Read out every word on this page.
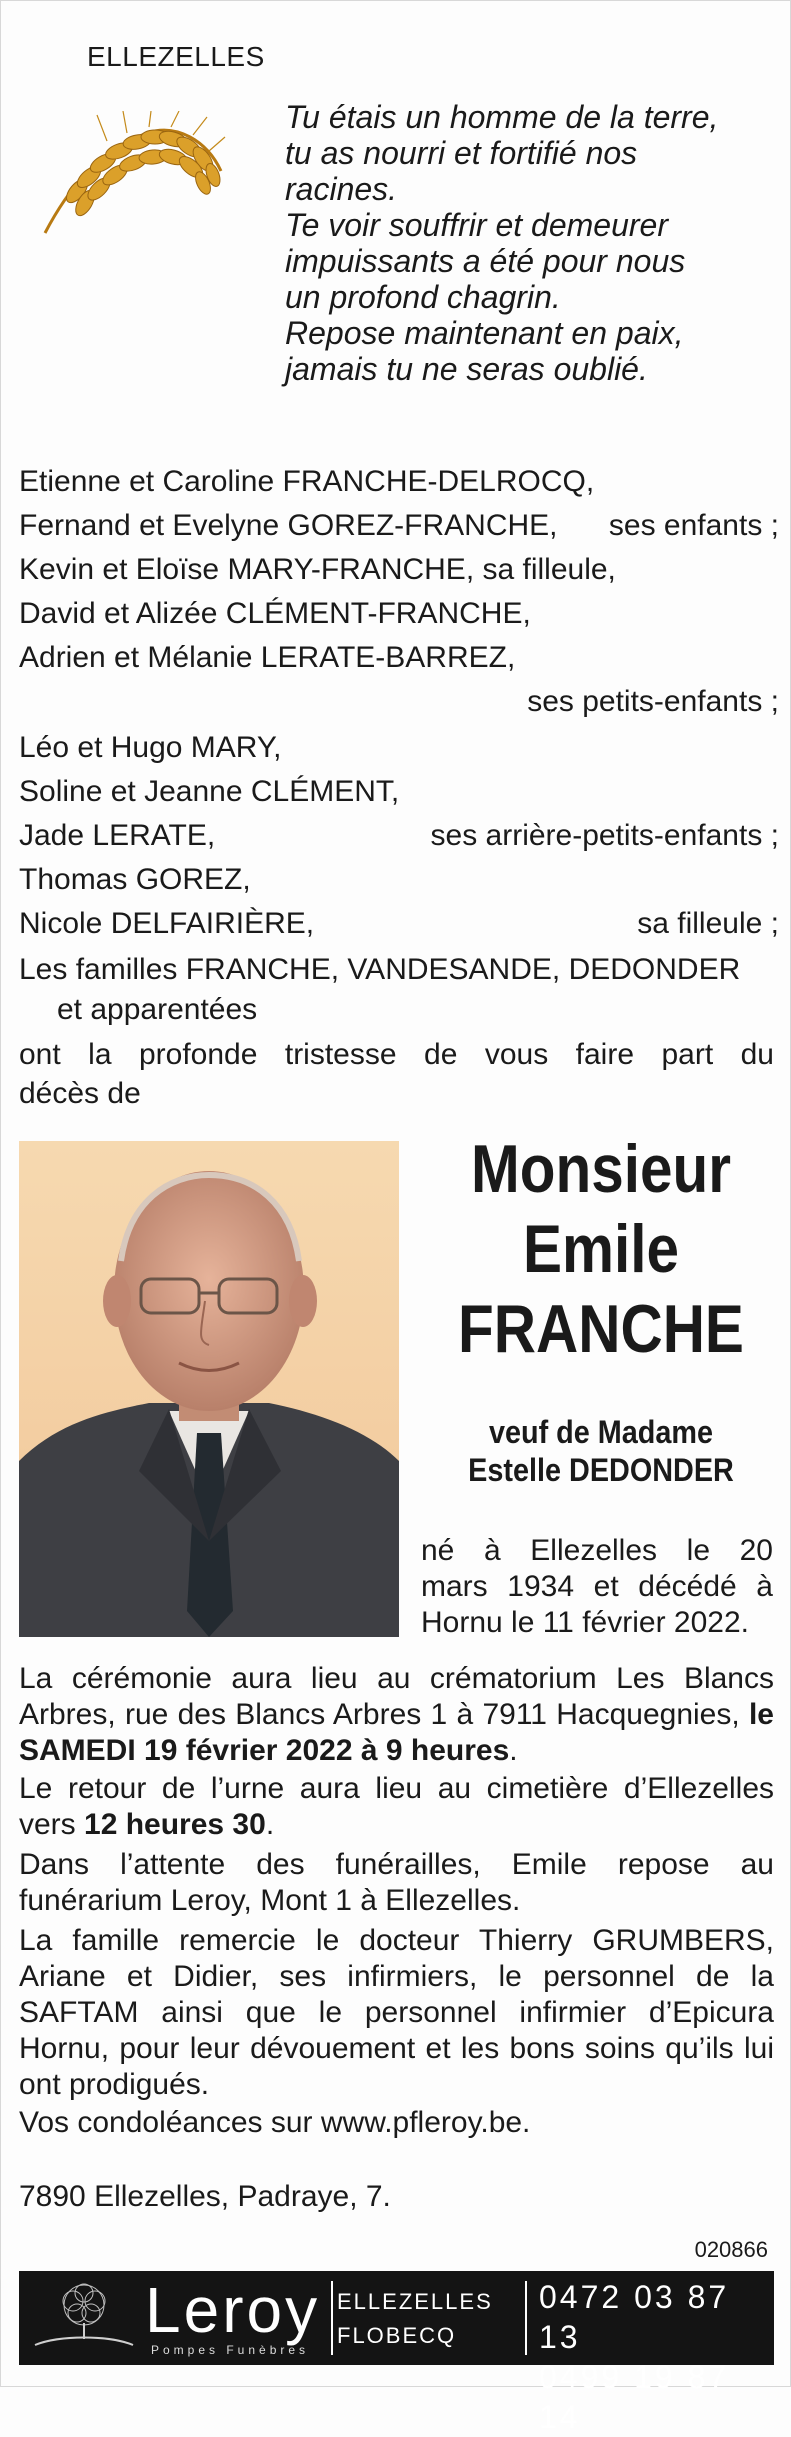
ELLEZELLES
Tu étais un homme de la terre,
tu as nourri et fortifié nos
racines.
Te voir souffrir et demeurer
impuissants a été pour nous
un profond chagrin.
Repose maintenant en paix,
jamais tu ne seras oublié.
Etienne et Caroline FRANCHE-DELROCQ,
Fernand et Evelyne GOREZ-FRANCHE, ses enfants ;
Kevin et Eloïse MARY-FRANCHE, sa filleule,
David et Alizée CLÉMENT-FRANCHE,
Adrien et Mélanie LERATE-BARREZ,
ses petits-enfants ;
Léo et Hugo MARY,
Soline et Jeanne CLÉMENT,
Jade LERATE,	ses arrière-petits-enfants ;
Thomas GOREZ,
Nicole DELFAIRIÈRE,	sa filleule ;
Les familles FRANCHE, VANDESANDE, DEDONDER
et apparentées
ont la profonde tristesse de vous faire part du
décès de
Monsieur
Emile
FRANCHE
veuf de Madame
Estelle DEDONDER
né à Ellezelles le 20
mars 1934 et décédé à
Hornu le 11 février 2022.
La cérémonie aura lieu au crématorium Les Blancs Arbres, rue des Blancs Arbres 1 à 7911 Hacquegnies, le SAMEDI 19 février 2022 à 9 heures.
Le retour de l’urne aura lieu au cimetière d’Ellezelles vers 12 heures 30.
Dans l’attente des funérailles, Emile repose au funérarium Leroy, Mont 1 à Ellezelles.
La famille remercie le docteur Thierry GRUMBERS, Ariane et Didier, ses infirmiers, le personnel de la SAFTAM ainsi que le personnel infirmier d’Epicura Hornu, pour leur dévouement et les bons soins qu’ils lui ont prodigués.
Vos condoléances sur www.pfleroy.be.
7890 Ellezelles, Padraye, 7.
020866
Leroy
Pompes Funèbres
ELLEZELLES
FLOBECQ
0472 03 87 13
0499 19 87 14
